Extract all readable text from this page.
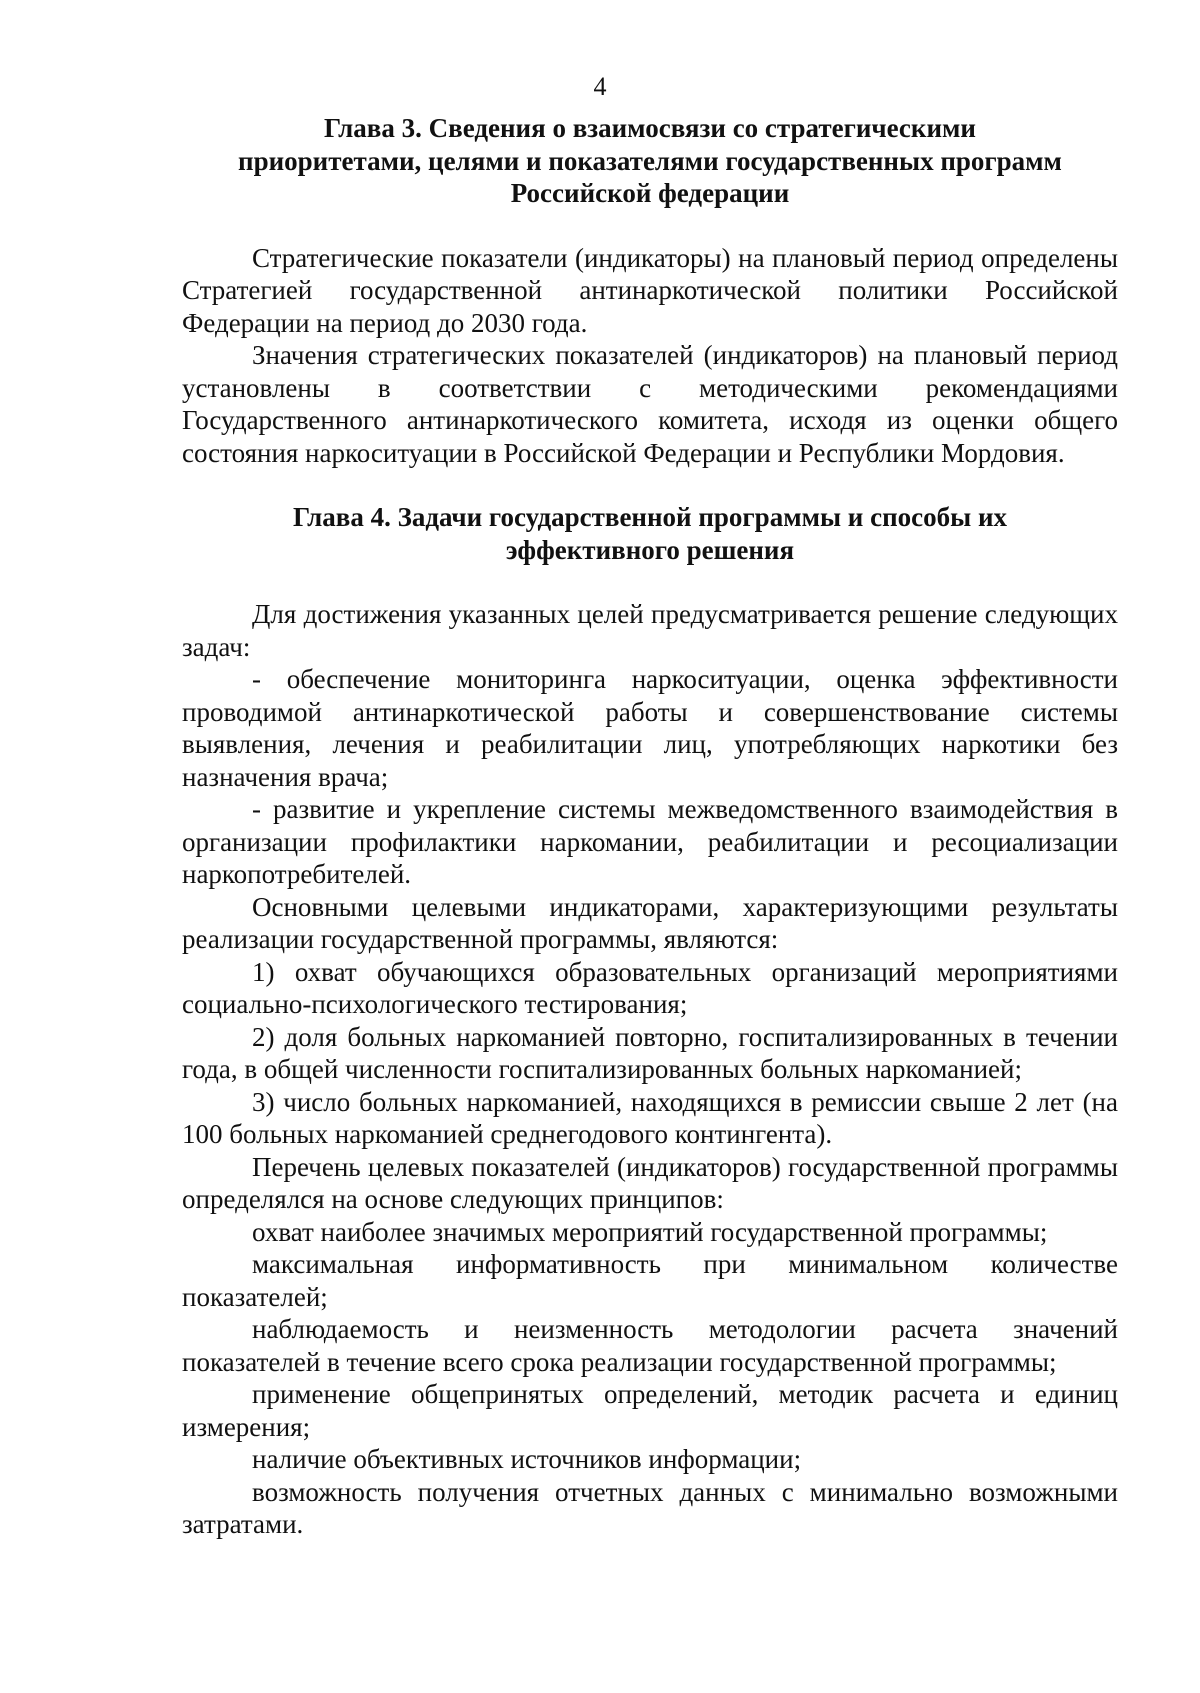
4
Глава 3. Сведения о взаимосвязи со стратегическими
приоритетами, целями и показателями государственных программ
Российской федерации

Стратегические показатели (индикаторы) на плановый период определены Стратегией государственной антинаркотической политики Российской Федерации на период до 2030 года.

Значения стратегических показателей (индикаторов) на плановый период установлены в соответствии с методическими рекомендациями Государственного антинаркотического комитета, исходя из оценки общего состояния наркоситуации в Российской Федерации и Республики Мордовия.

Глава 4. Задачи государственной программы и способы их
эффективного решения

Для достижения указанных целей предусматривается решение следующих задач:

- обеспечение мониторинга наркоситуации, оценка эффективности проводимой антинаркотической работы и совершенствование системы выявления, лечения и реабилитации лиц, употребляющих наркотики без назначения врача;

- развитие и укрепление системы межведомственного взаимодействия в организации профилактики наркомании, реабилитации и ресоциализации наркопотребителей.

Основными целевыми индикаторами, характеризующими результаты реализации государственной программы, являются:

1) охват обучающихся образовательных организаций мероприятиями социально-психологического тестирования;

2) доля больных наркоманией повторно, госпитализированных в течении года, в общей численности госпитализированных больных наркоманией;

3) число больных наркоманией, находящихся в ремиссии свыше 2 лет (на 100 больных наркоманией среднегодового контингента).

Перечень целевых показателей (индикаторов) государственной программы определялся на основе следующих принципов:

охват наиболее значимых мероприятий государственной программы;

максимальная информативность при минимальном количестве показателей;

наблюдаемость и неизменность методологии расчета значений показателей в течение всего срока реализации государственной программы;

применение общепринятых определений, методик расчета и единиц измерения;

наличие объективных источников информации;

возможность получения отчетных данных с минимально возможными затратами.
